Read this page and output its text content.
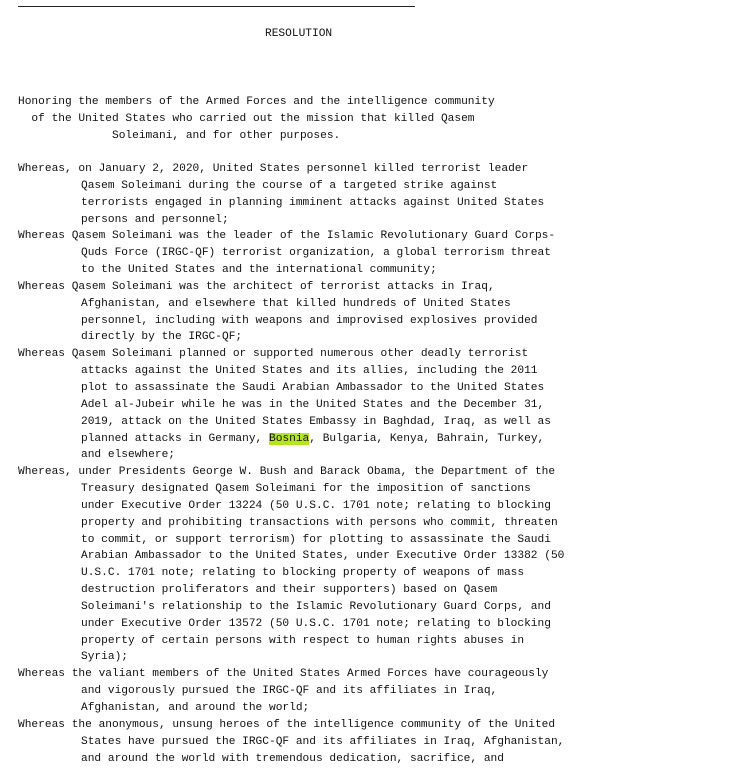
RESOLUTION
Honoring the members of the Armed Forces and the intelligence community
of the United States who carried out the mission that killed Qasem
Soleimani, and for other purposes.
Whereas, on January 2, 2020, United States personnel killed terrorist leader
Qasem Soleimani during the course of a targeted strike against
terrorists engaged in planning imminent attacks against United States
persons and personnel;
Whereas Qasem Soleimani was the leader of the Islamic Revolutionary Guard Corps-
Quds Force (IRGC-QF) terrorist organization, a global terrorism threat
to the United States and the international community;
Whereas Qasem Soleimani was the architect of terrorist attacks in Iraq,
Afghanistan, and elsewhere that killed hundreds of United States
personnel, including with weapons and improvised explosives provided
directly by the IRGC-QF;
Whereas Qasem Soleimani planned or supported numerous other deadly terrorist
attacks against the United States and its allies, including the 2011
plot to assassinate the Saudi Arabian Ambassador to the United States
Adel al-Jubeir while he was in the United States and the December 31,
2019, attack on the United States Embassy in Baghdad, Iraq, as well as
planned attacks in Germany, Bosnia, Bulgaria, Kenya, Bahrain, Turkey,
and elsewhere;
Whereas, under Presidents George W. Bush and Barack Obama, the Department of the
Treasury designated Qasem Soleimani for the imposition of sanctions
under Executive Order 13224 (50 U.S.C. 1701 note; relating to blocking
property and prohibiting transactions with persons who commit, threaten
to commit, or support terrorism) for plotting to assassinate the Saudi
Arabian Ambassador to the United States, under Executive Order 13382 (50
U.S.C. 1701 note; relating to blocking property of weapons of mass
destruction proliferators and their supporters) based on Qasem
Soleimani's relationship to the Islamic Revolutionary Guard Corps, and
under Executive Order 13572 (50 U.S.C. 1701 note; relating to blocking
property of certain persons with respect to human rights abuses in
Syria);
Whereas the valiant members of the United States Armed Forces have courageously
and vigorously pursued the IRGC-QF and its affiliates in Iraq,
Afghanistan, and around the world;
Whereas the anonymous, unsung heroes of the intelligence community of the United
States have pursued the IRGC-QF and its affiliates in Iraq, Afghanistan,
and around the world with tremendous dedication, sacrifice, and
